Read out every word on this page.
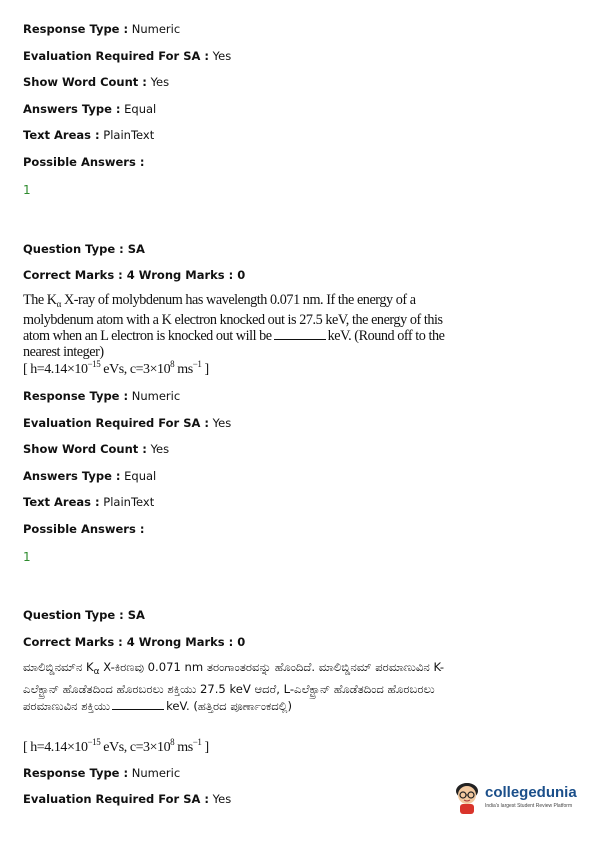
Response Type : Numeric
Evaluation Required For SA : Yes
Show Word Count : Yes
Answers Type : Equal
Text Areas : PlainText
Possible Answers :
1
Question Type : SA
Correct Marks : 4 Wrong Marks : 0
The $K_\alpha$ X-ray of molybdenum has wavelength 0.071 nm. If the energy of a molybdenum atom with a K electron knocked out is 27.5 keV, the energy of this atom when an L electron is knocked out will be	keV. (Round off to the nearest integer)
[ $h=4.14\times 10^{-15}$ eVs, $c=3\times 10^8$ $ms^{-1}$ ]
Response Type : Numeric
Evaluation Required For SA : Yes
Show Word Count : Yes
Answers Type : Equal
Text Areas : PlainText
Possible Answers :
1
Question Type : SA
Correct Marks : 4 Wrong Marks : 0
ಮಾಲಿಬ್ಡಿನಮ್‌ನ $K_\alpha$ X-ಕಿರಣವು 0.071 nm ತರಂಗಾಂತರವನ್ನು ಹೊಂದಿದೆ. ಮಾಲಿಬ್ಡಿನಮ್ ಪರಮಾಣುವಿನ K-ಎಲೆಕ್ಟ್ರಾನ್ ಹೊಡೆತದಿಂದ ಹೊರಬರಲು ಶಕ್ತಿಯು 27.5 keV ಆದರೆ, L-ಎಲೆಕ್ಟ್ರಾನ್ ಹೊಡೆತದಿಂದ ಹೊರಬರಲು ಪರಮಾಣುವಿನ ಶಕ್ತಿಯು	keV. (ಹತ್ತಿರದ ಪೂರ್ಣಾಂಕದಲ್ಲಿ)
[ $h=4.14\times 10^{-15}$ eVs, $c=3\times 10^8$ $ms^{-1}$ ]
Response Type : Numeric
Evaluation Required For SA : Yes	collegedunia
India's largest Student Review Platform
